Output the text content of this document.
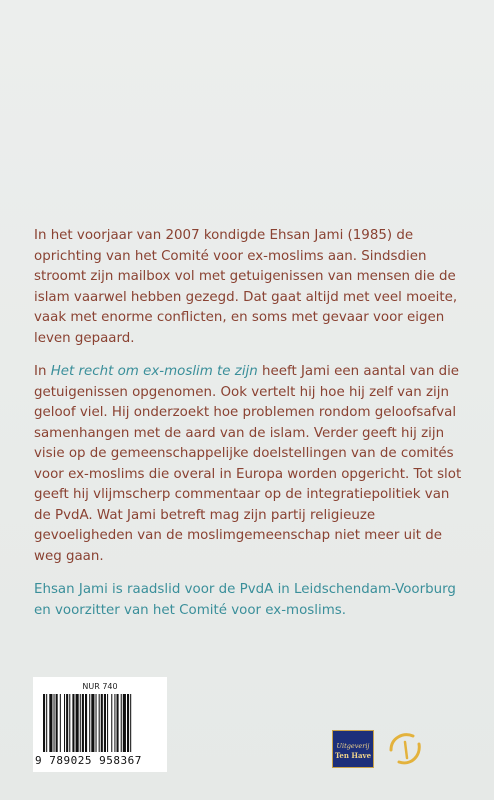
In het voorjaar van 2007 kondigde Ehsan Jami (1985) de oprichting van het Comité voor ex-moslims aan. Sindsdien stroomt zijn mailbox vol met getuigenissen van mensen die de islam vaarwel hebben gezegd. Dat gaat altijd met veel moeite, vaak met enorme conflicten, en soms met gevaar voor eigen leven gepaard.

In Het recht om ex-moslim te zijn heeft Jami een aantal van die getuigenissen opgenomen. Ook vertelt hij hoe hij zelf van zijn geloof viel. Hij onderzoekt hoe problemen rondom geloofsafval samenhangen met de aard van de islam. Verder geeft hij zijn visie op de gemeenschappelijke doelstellingen van de comités voor ex-moslims die overal in Europa worden opgericht. Tot slot geeft hij vlijmscherp commentaar op de integratiepolitiek van de PvdA. Wat Jami betreft mag zijn partij religieuze gevoeligheden van de moslimgemeenschap niet meer uit de weg gaan.

Ehsan Jami is raadslid voor de PvdA in Leidschendam-Voorburg en voorzitter van het Comité voor ex-moslims.

NUR 740
9 789025 958367
Uitgeverij
Ten Have
